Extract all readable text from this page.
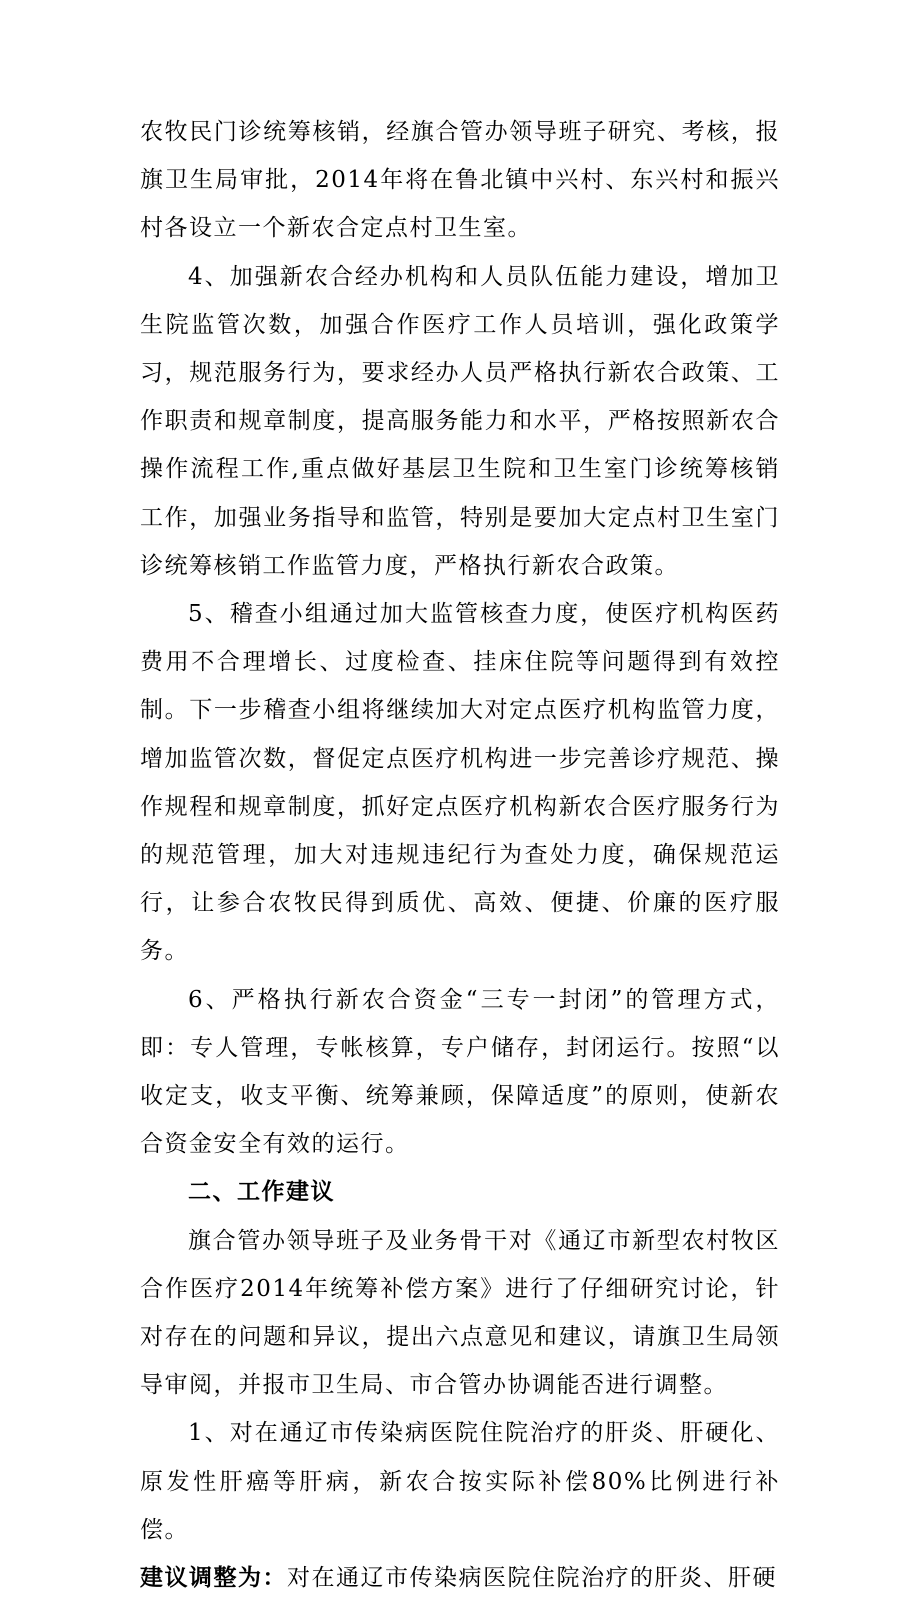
农牧民门诊统筹核销，经旗合管办领导班子研究、考核，报旗卫生局审批，2014年将在鲁北镇中兴村、东兴村和振兴村各设立一个新农合定点村卫生室。

4、加强新农合经办机构和人员队伍能力建设，增加卫生院监管次数，加强合作医疗工作人员培训，强化政策学习，规范服务行为，要求经办人员严格执行新农合政策、工作职责和规章制度，提高服务能力和水平，严格按照新农合操作流程工作,重点做好基层卫生院和卫生室门诊统筹核销工作，加强业务指导和监管，特别是要加大定点村卫生室门诊统筹核销工作监管力度，严格执行新农合政策。

5、稽查小组通过加大监管核查力度，使医疗机构医药费用不合理增长、过度检查、挂床住院等问题得到有效控制。下一步稽查小组将继续加大对定点医疗机构监管力度，增加监管次数，督促定点医疗机构进一步完善诊疗规范、操作规程和规章制度，抓好定点医疗机构新农合医疗服务行为的规范管理，加大对违规违纪行为查处力度，确保规范运行，让参合农牧民得到质优、高效、便捷、价廉的医疗服务。

6、严格执行新农合资金“三专一封闭”的管理方式，即：专人管理，专帐核算，专户储存，封闭运行。按照“以收定支，收支平衡、统筹兼顾，保障适度”的原则，使新农合资金安全有效的运行。

二、工作建议

旗合管办领导班子及业务骨干对《通辽市新型农村牧区合作医疗2014年统筹补偿方案》进行了仔细研究讨论，针对存在的问题和异议，提出六点意见和建议，请旗卫生局领导审阅，并报市卫生局、市合管办协调能否进行调整。

1、对在通辽市传染病医院住院治疗的肝炎、肝硬化、原发性肝癌等肝病，新农合按实际补偿80%比例进行补偿。

建议调整为：对在通辽市传染病医院住院治疗的肝炎、肝硬
